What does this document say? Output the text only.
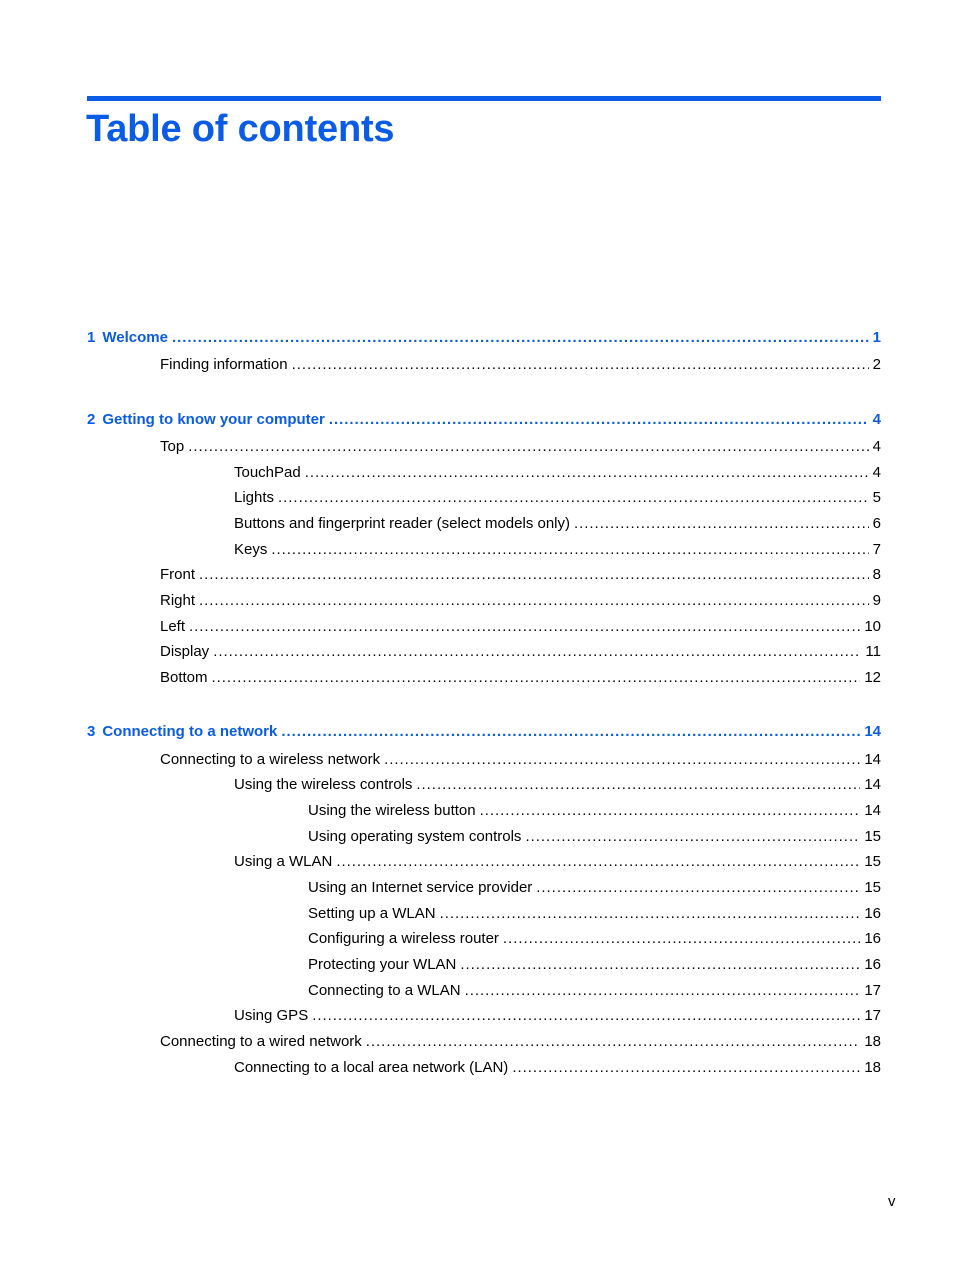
Table of contents
1 Welcome . . .	1
Finding information . . .	2
2 Getting to know your computer . . .	4
Top . . .	4
TouchPad . . .	4
Lights . . .	5
Buttons and fingerprint reader (select models only) . . .	6
Keys . . .	7
Front . . .	8
Right . . .	9
Left . . .	10
Display . . .	11
Bottom . . .	12
3 Connecting to a network . . .	14
Connecting to a wireless network . . .	14
Using the wireless controls . . .	14
Using the wireless button . . .	14
Using operating system controls . . .	15
Using a WLAN . . .	15
Using an Internet service provider . . .	15
Setting up a WLAN . . .	16
Configuring a wireless router . . .	16
Protecting your WLAN . . .	16
Connecting to a WLAN . . .	17
Using GPS . . .	17
Connecting to a wired network . . .	18
Connecting to a local area network (LAN) . . .	18
v
